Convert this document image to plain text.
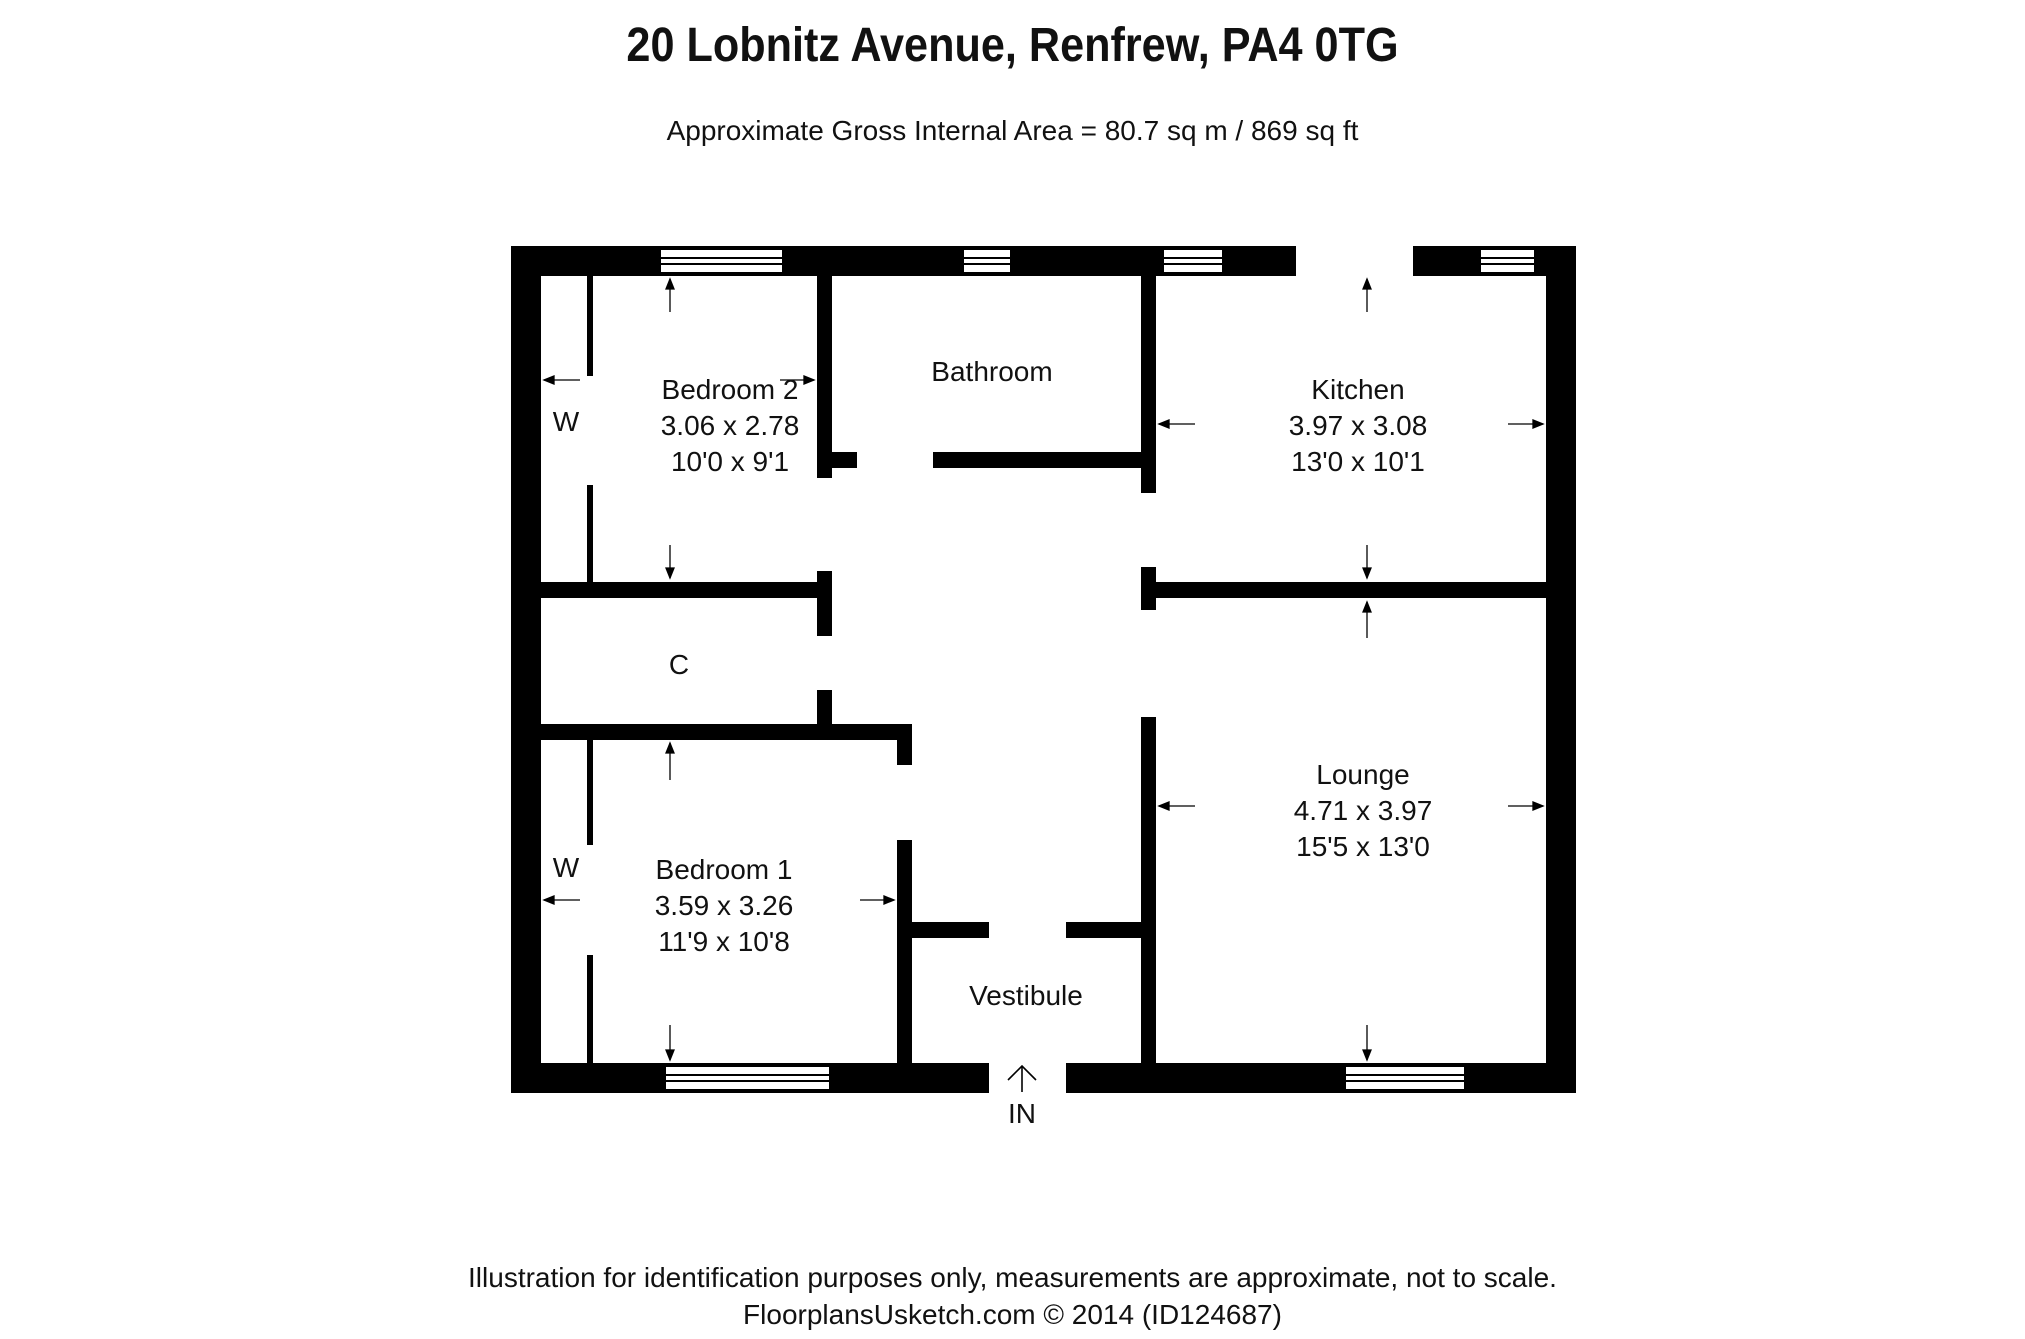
20 Lobnitz Avenue, Renfrew, PA4 0TG
Approximate Gross Internal Area = 80.7 sq m / 869 sq ft
Bedroom 2
3.06 x 2.78
10'0 x 9'1
W
Bathroom
Kitchen
3.97 x 3.08
13'0 x 10'1
C
Lounge
4.71 x 3.97
15'5 x 13'0
W	Bedroom 1
3.59 x 3.26
11'9 x 10'8
Vestibule
IN
Illustration for identification purposes only, measurements are approximate, not to scale.
FloorplansUsketch.com © 2014 (ID124687)
